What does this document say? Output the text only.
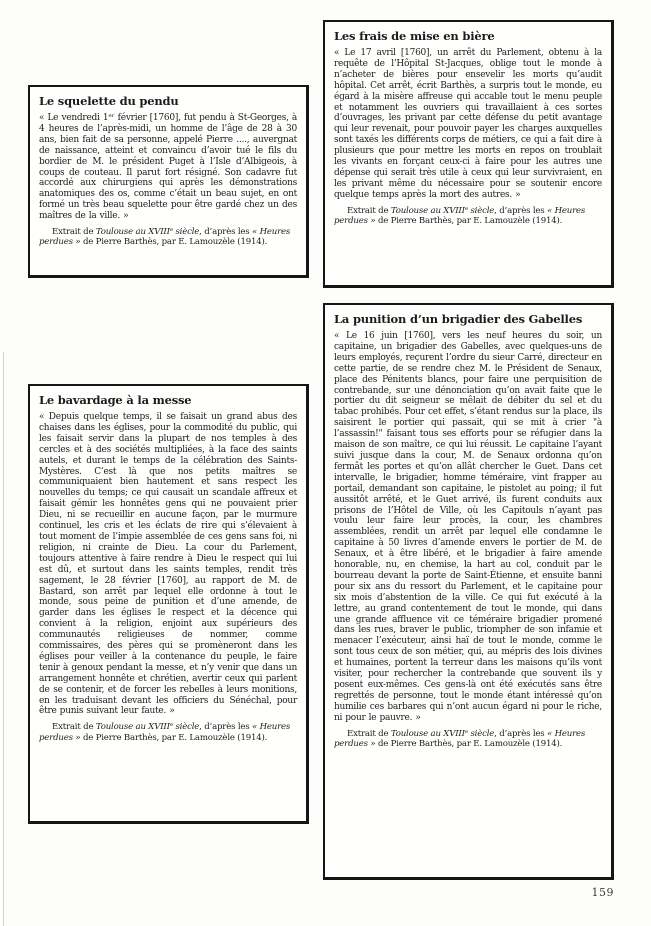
Le squelette du pendu

« Le vendredi 1ᵉʳ février [1760], fut pendu à St-Georges, à 4 heures de l’après-midi, un homme de l’âge de 28 à 30 ans, bien fait de sa personne, appelé Pierre ...., auvergnat de naissance, atteint et convaincu d’avoir tué le fils du bordier de M. le président Puget à l’Isle d’Albigeois, à coups de couteau. Il parut fort résigné. Son cadavre fut accordé aux chirurgiens qui après les démonstrations anatomiques des os, comme c’était un beau sujet, en ont formé un très beau squelette pour être gardé chez un des maîtres de la ville. »

Extrait de Toulouse au XVIIIᵉ siècle, d’après les « Heures perdues » de Pierre Barthès, par E. Lamouzèle (1914).

Les frais de mise en bière

« Le 17 avril [1760], un arrêt du Parlement, obtenu à la requête de l’Hôpital St-Jacques, oblige tout le monde à n’acheter de bières pour ensevelir les morts qu’audit hôpital. Cet arrêt, écrit Barthès, a surpris tout le monde, eu égard à la misère affreuse qui accable tout le menu peuple et notamment les ouvriers qui travaillaient à ces sortes d’ouvrages, les privant par cette défense du petit avantage qui leur revenait, pour pouvoir payer les charges auxquelles sont taxés les différents corps de métiers, ce qui a fait dire à plusieurs que pour mettre les morts en repos on troublait les vivants en forçant ceux-ci à faire pour les autres une dépense qui serait très utile à ceux qui leur survivraient, en les privant même du nécessaire pour se soutenir encore quelque temps après la mort des autres. »

Extrait de Toulouse au XVIIIᵉ siècle, d’après les « Heures perdues » de Pierre Barthès, par E. Lamouzèle (1914).

Le bavardage à la messe

« Depuis quelque temps, il se faisait un grand abus des chaises dans les églises, pour la commodité du public, qui les faisait servir dans la plupart de nos temples à des cercles et à des sociétés multipliées, à la face des saints autels, et durant le temps de la célébration des Saints-Mystères. C’est là que nos petits maîtres se communiquaient bien hautement et sans respect les nouvelles du temps; ce qui causait un scandale affreux et faisait gémir les honnêtes gens qui ne pouvaient prier Dieu, ni se recueillir en aucune façon, par le murmure continuel, les cris et les éclats de rire qui s’élevaient à tout moment de l’impie assemblée de ces gens sans foi, ni religion, ni crainte de Dieu. La cour du Parlement, toujours attentive à faire rendre à Dieu le respect qui lui est dû, et surtout dans les saints temples, rendit très sagement, le 28 février [1760], au rapport de M. de Bastard, son arrêt par lequel elle ordonne à tout le monde, sous peine de punition et d’une amende, de garder dans les églises le respect et la décence qui convient à la religion, enjoint aux supérieurs des communautés religieuses de nommer, comme commissaires, des pères qui se promèneront dans les églises pour veiller à la contenance du peuple, le faire tenir à genoux pendant la messe, et n’y venir que dans un arrangement honnête et chrétien, avertir ceux qui parlent de se contenir, et de forcer les rebelles à leurs monitions, en les traduisant devant les officiers du Sénéchal, pour être punis suivant leur faute. »

Extrait de Toulouse au XVIIIᵉ siècle, d’après les « Heures perdues » de Pierre Barthès, par E. Lamouzèle (1914).

La punition d’un brigadier des Gabelles

« Le 16 juin [1760], vers les neuf heures du soir, un capitaine, un brigadier des Gabelles, avec quelques-uns de leurs employés, reçurent l’ordre du sieur Carré, directeur en cette partie, de se rendre chez M. le Président de Senaux, place des Pénitents blancs, pour faire une perquisition de contrebande, sur une dénonciation qu’on avait faite que le portier du dit seigneur se mêlait de débiter du sel et du tabac prohibés. Pour cet effet, s’étant rendus sur la place, ils saisirent le portier qui passait, qui se mit à crier "à l’assassin!" faisant tous ses efforts pour se réfugier dans la maison de son maître, ce qui lui réussit. Le capitaine l’ayant suivi jusque dans la cour, M. de Senaux ordonna qu’on fermât les portes et qu’on allât chercher le Guet. Dans cet intervalle, le brigadier, homme téméraire, vint frapper au portail, demandant son capitaine, le pistolet au poing; il fut aussitôt arrêté, et le Guet arrivé, ils furent conduits aux prisons de l’Hôtel de Ville, où les Capitouls n’ayant pas voulu leur faire leur procès, la cour, les chambres assemblées, rendit un arrêt par lequel elle condamne le capitaine à 50 livres d’amende envers le portier de M. de Senaux, et à être libéré, et le brigadier à faire amende honorable, nu, en chemise, la hart au col, conduit par le bourreau devant la porte de Saint-Étienne, et ensuite banni pour six ans du ressort du Parlement, et le capitaine pour six mois d’abstention de la ville. Ce qui fut exécuté à la lettre, au grand contentement de tout le monde, qui dans une grande affluence vit ce téméraire brigadier promené dans les rues, braver le public, triompher de son infamie et menacer l’exécuteur, ainsi haï de tout le monde, comme le sont tous ceux de son métier, qui, au mépris des lois divines et humaines, portent la terreur dans les maisons qu’ils vont visiter, pour rechercher la contrebande que souvent ils y posent eux-mêmes. Ces gens-là ont été exécutés sans être regrettés de personne, tout le monde étant intéressé qu’on humilie ces barbares qui n’ont aucun égard ni pour le riche, ni pour le pauvre. »

Extrait de Toulouse au XVIIIᵉ siècle, d’après les « Heures perdues » de Pierre Barthès, par E. Lamouzèle (1914).

159
